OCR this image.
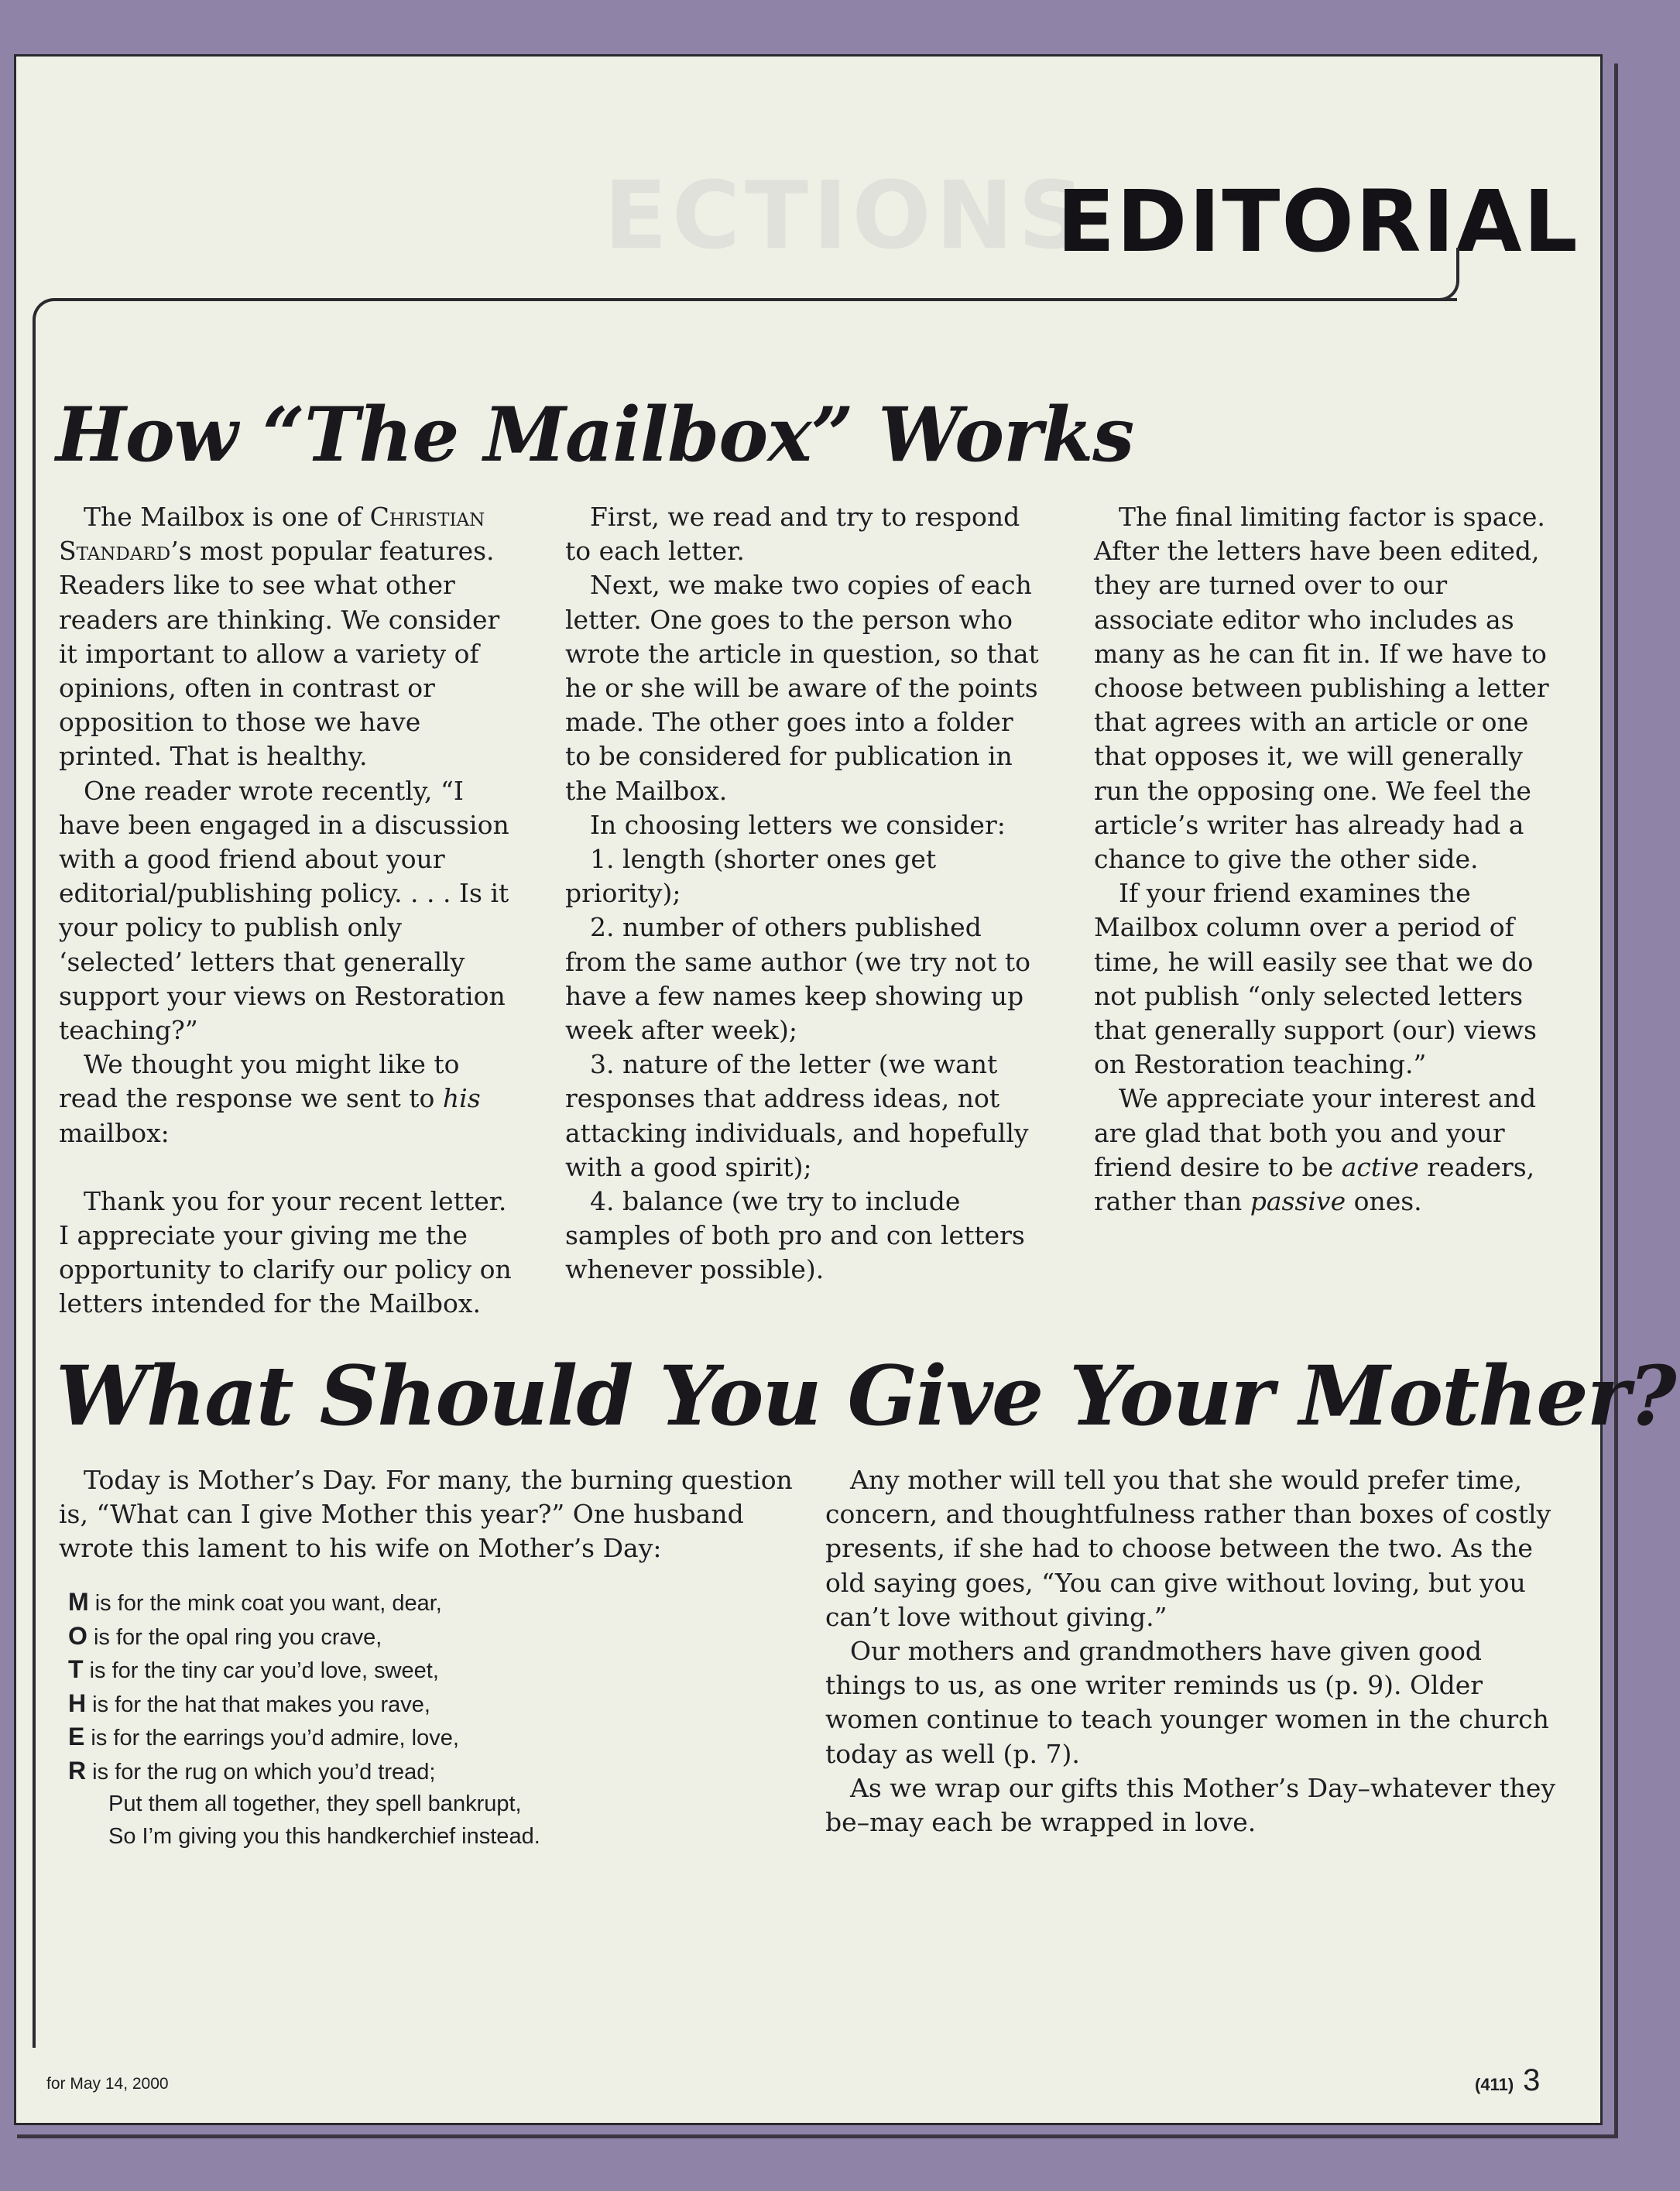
ECTIONS
EDITORIAL
How “The Mailbox” Works

The Mailbox is one of Christian Standard’s most popular features. Readers like to see what other readers are thinking. We consider it important to allow a variety of opinions, often in contrast or opposition to those we have printed. That is healthy.

One reader wrote recently, “I have been engaged in a discussion with a good friend about your editorial/publishing policy. . . . Is it your policy to publish only ‘selected’ letters that generally support your views on Restoration teaching?”

We thought you might like to read the response we sent to his mailbox:

Thank you for your recent letter. I appreciate your giving me the opportunity to clarify our policy on letters intended for the Mailbox.

First, we read and try to respond to each letter.

Next, we make two copies of each letter. One goes to the person who wrote the article in question, so that he or she will be aware of the points made. The other goes into a folder to be considered for publication in the Mailbox.

In choosing letters we consider:

1. length (shorter ones get priority);

2. number of others published from the same author (we try not to have a few names keep showing up week after week);

3. nature of the letter (we want responses that address ideas, not attacking individuals, and hopefully with a good spirit);

4. balance (we try to include samples of both pro and con letters whenever possible).

The final limiting factor is space. After the letters have been edited, they are turned over to our associate editor who includes as many as he can fit in. If we have to choose between publishing a letter that agrees with an article or one that opposes it, we will generally run the opposing one. We feel the article’s writer has already had a chance to give the other side.

If your friend examines the Mailbox column over a period of time, he will easily see that we do not publish “only selected letters that generally support (our) views on Restoration teaching.”

We appreciate your interest and are glad that both you and your friend desire to be active readers, rather than passive ones.

What Should You Give Your Mother?

Today is Mother’s Day. For many, the burning question is, “What can I give Mother this year?” One husband wrote this lament to his wife on Mother’s Day:

M is for the mink coat you want, dear,
O is for the opal ring you crave,
T is for the tiny car you’d love, sweet,
H is for the hat that makes you rave,
E is for the earrings you’d admire, love,
R is for the rug on which you’d tread;
Put them all together, they spell bankrupt,
So I’m giving you this handkerchief instead.

Any mother will tell you that she would prefer time, concern, and thoughtfulness rather than boxes of costly presents, if she had to choose between the two. As the old saying goes, “You can give without loving, but you can’t love without giving.”

Our mothers and grandmothers have given good things to us, as one writer reminds us (p. 9). Older women continue to teach younger women in the church today as well (p. 7).

As we wrap our gifts this Mother’s Day–whatever they be–may each be wrapped in love.

for May 14, 2000	(411) 3
